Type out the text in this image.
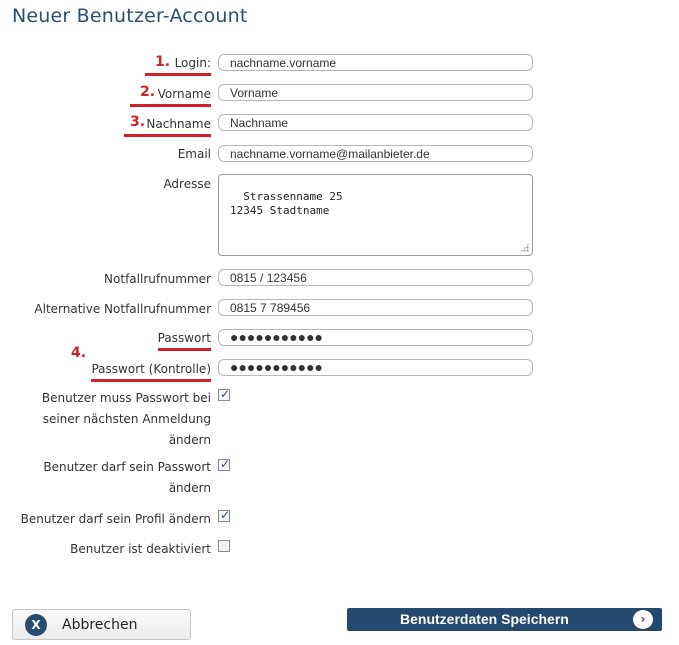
Neuer Benutzer-Account
1. Login:
nachname.vorname
2. Vorname
Vorname
3. Nachname
Nachname
Email
nachname.vorname@mailanbieter.de
Adresse

Strassenname 25
12345 Stadtname

Notfallrufnummer
0815 / 123456
Alternative Notfallrufnummer
0815 7 789456
Passwort	●●●●●●●●●●●
4.
Passwort (Kontrolle)	●●●●●●●●●●●
Benutzer muss Passwort bei seiner nächsten Anmeldung ändern
✓
Benutzer darf sein Passwort ändern
✓
Benutzer darf sein Profil ändern ✓
Benutzer ist deaktiviert
X	Abbrechen	Benutzerdaten Speichern	›
